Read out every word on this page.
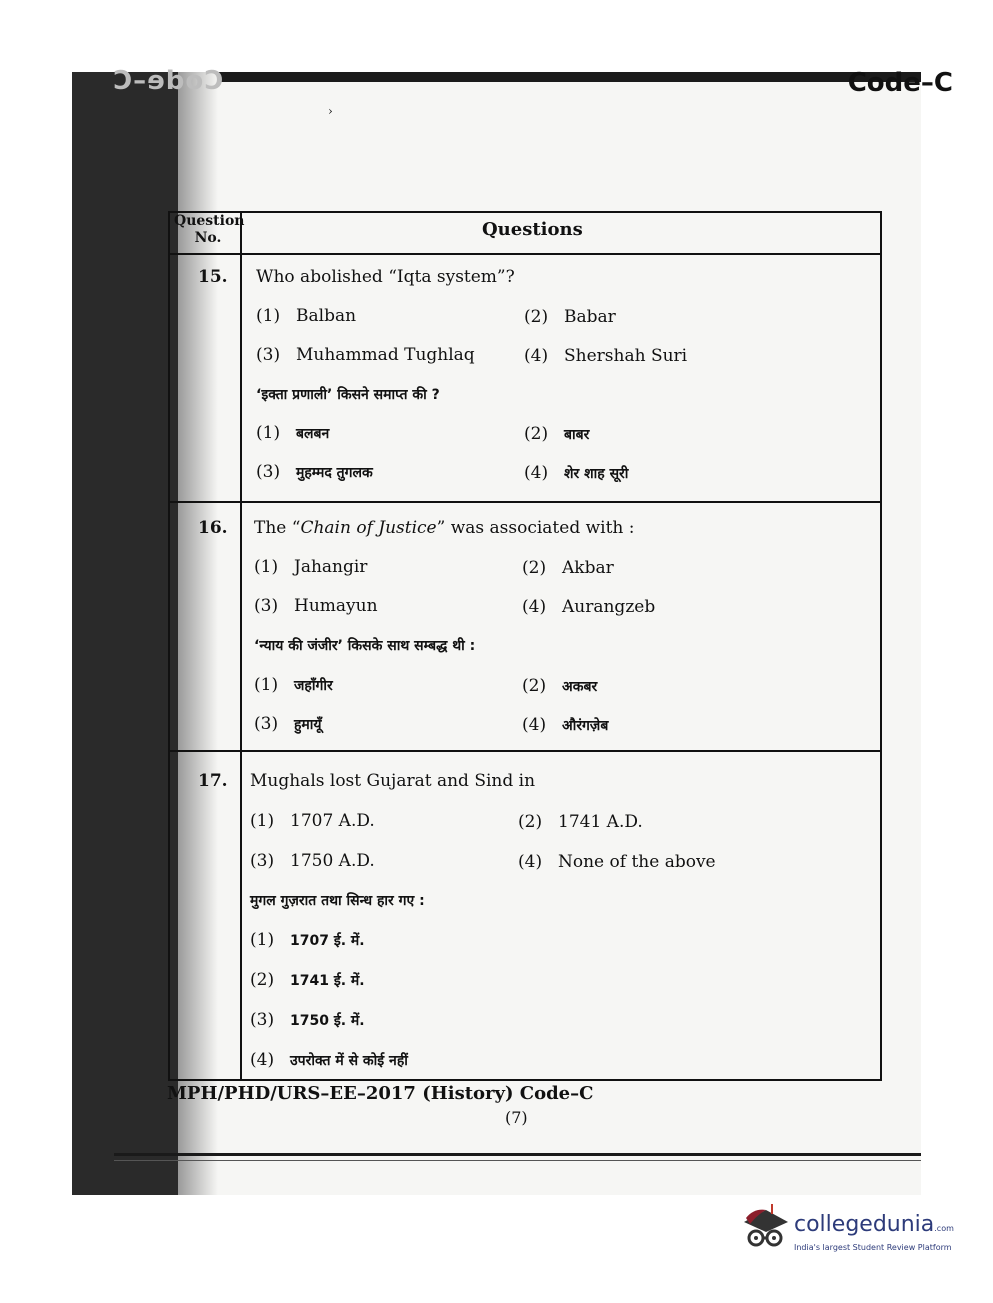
Code–C	Code–C
›
Question No.	Questions
15. Who abolished “Iqta system”?
(1) Balban	(2) Babar
(3) Muhammad Tughlaq	(4) Shershah Suri
‘इक्ता प्रणाली’ किसने समाप्त की ?
(1) बलबन	(2) बाबर
(3) मुहम्मद तुगलक	(4) शेर शाह सूरी
16. The “Chain of Justice” was associated with :
(1) Jahangir	(2) Akbar
(3) Humayun	(4) Aurangzeb
‘न्याय की जंजीर’ किसके साथ सम्बद्ध थी :
(1) जहाँगीर	(2) अकबर
(3) हुमायूँ	(4) औरंगज़ेब
17. Mughals lost Gujarat and Sind in
(1) 1707 A.D.	(2) 1741 A.D.
(3) 1750 A.D.	(4) None of the above
मुगल गुज़रात तथा सिन्ध हार गए :
(1) 1707 ई. में.
(2) 1741 ई. में.
(3) 1750 ई. में.
(4) उपरोक्त में से कोई नहीं
MPH/PHD/URS–EE–2017 (History) Code–C
(7)
collegedunia.com
India's largest Student Review Platform
